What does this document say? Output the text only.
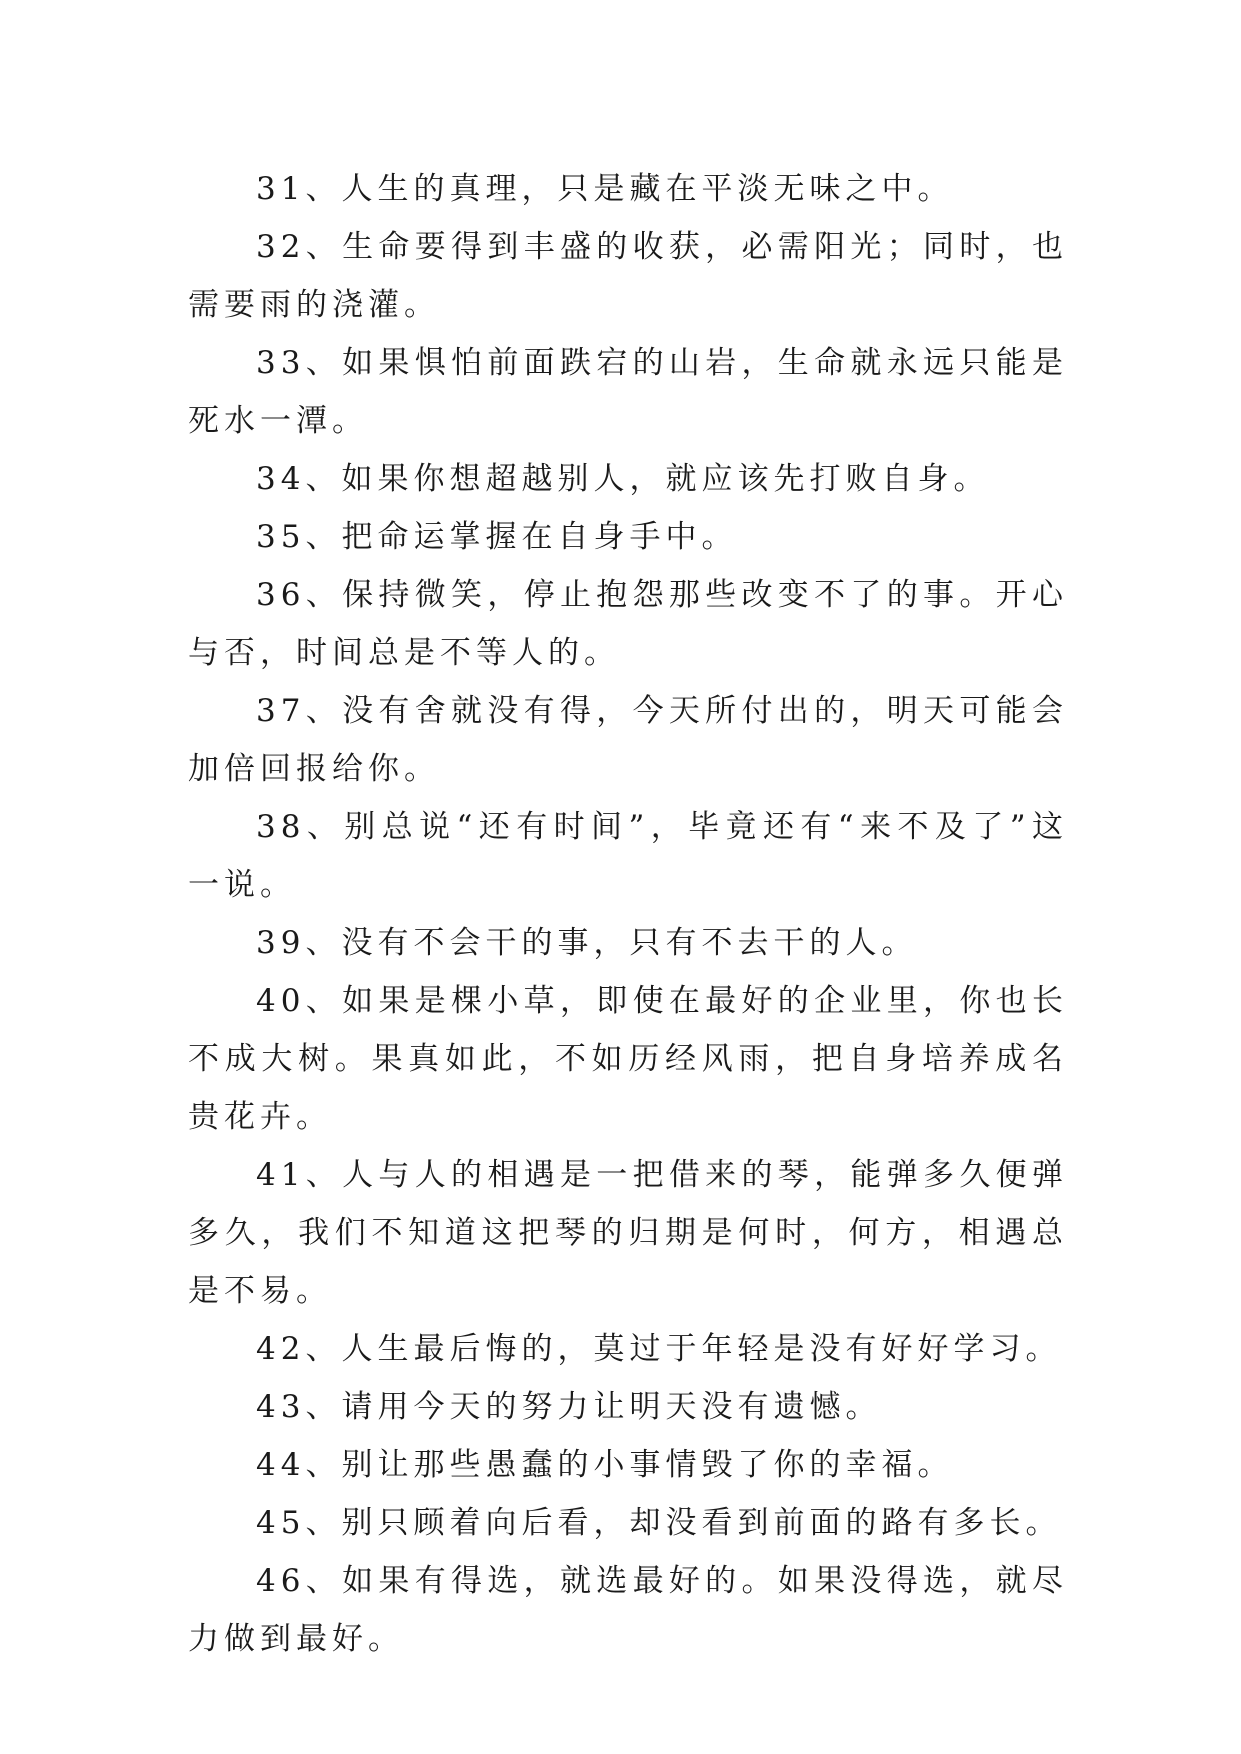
31、人生的真理，只是藏在平淡无味之中。

32、生命要得到丰盛的收获，必需阳光；同时，也需要雨的浇灌。

33、如果惧怕前面跌宕的山岩，生命就永远只能是死水一潭。

34、如果你想超越别人，就应该先打败自身。

35、把命运掌握在自身手中。

36、保持微笑，停止抱怨那些改变不了的事。开心与否，时间总是不等人的。

37、没有舍就没有得，今天所付出的，明天可能会加倍回报给你。

38、别总说“还有时间”，毕竟还有“来不及了”这一说。

39、没有不会干的事，只有不去干的人。

40、如果是棵小草，即使在最好的企业里，你也长不成大树。果真如此，不如历经风雨，把自身培养成名贵花卉。

41、人与人的相遇是一把借来的琴，能弹多久便弹多久，我们不知道这把琴的归期是何时，何方，相遇总是不易。

42、人生最后悔的，莫过于年轻是没有好好学习。

43、请用今天的努力让明天没有遗憾。

44、别让那些愚蠢的小事情毁了你的幸福。

45、别只顾着向后看，却没看到前面的路有多长。

46、如果有得选，就选最好的。如果没得选，就尽力做到最好。
